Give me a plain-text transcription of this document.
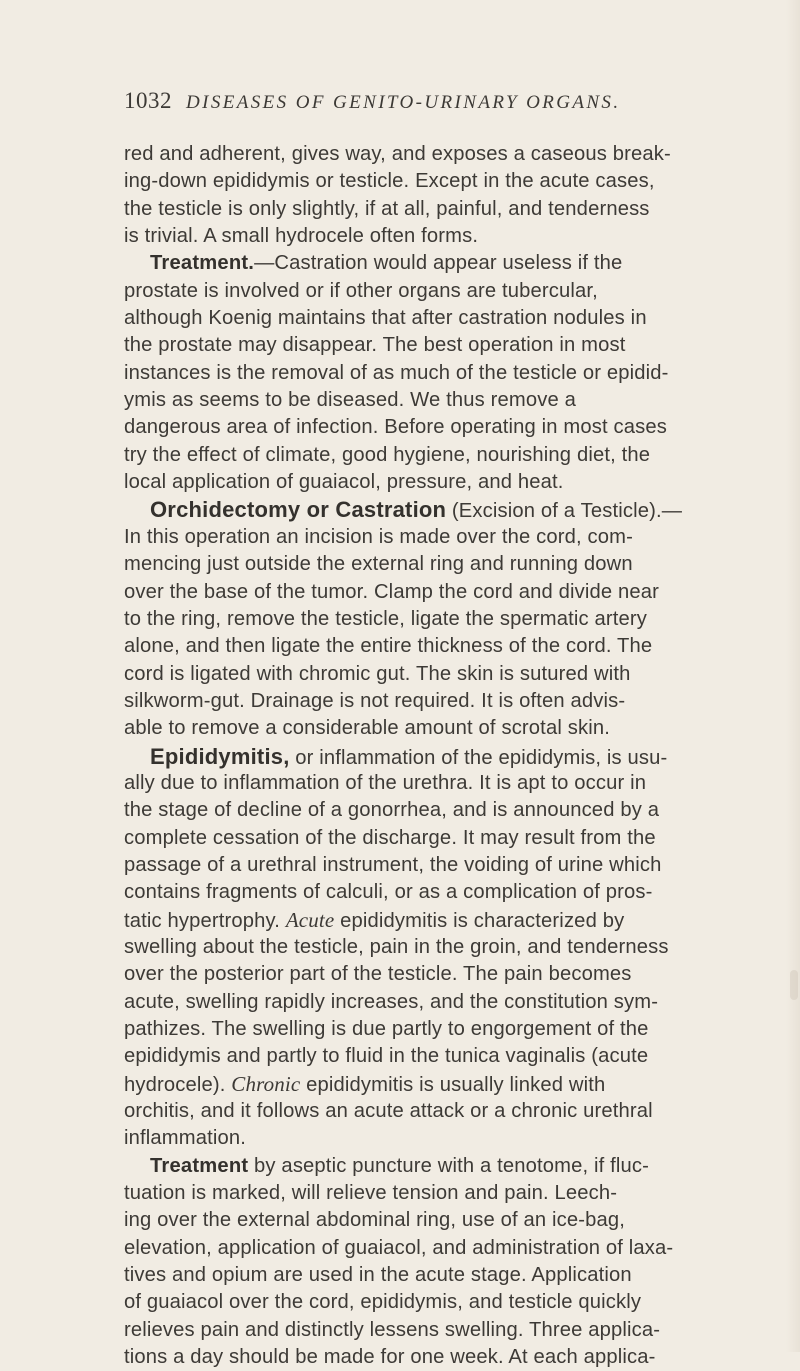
1032 DISEASES OF GENITO-URINARY ORGANS.
red and adherent, gives way, and exposes a caseous break-
ing-down epididymis or testicle. Except in the acute cases,
the testicle is only slightly, if at all, painful, and tenderness
is trivial. A small hydrocele often forms.
Treatment.—Castration would appear useless if the
prostate is involved or if other organs are tubercular,
although Koenig maintains that after castration nodules in
the prostate may disappear. The best operation in most
instances is the removal of as much of the testicle or epidid-
ymis as seems to be diseased. We thus remove a
dangerous area of infection. Before operating in most cases
try the effect of climate, good hygiene, nourishing diet, the
local application of guaiacol, pressure, and heat.
Orchidectomy or Castration (Excision of a Testicle).—
In this operation an incision is made over the cord, com-
mencing just outside the external ring and running down
over the base of the tumor. Clamp the cord and divide near
to the ring, remove the testicle, ligate the spermatic artery
alone, and then ligate the entire thickness of the cord. The
cord is ligated with chromic gut. The skin is sutured with
silkworm-gut. Drainage is not required. It is often advis-
able to remove a considerable amount of scrotal skin.
Epididymitis, or inflammation of the epididymis, is usu-
ally due to inflammation of the urethra. It is apt to occur in
the stage of decline of a gonorrhea, and is announced by a
complete cessation of the discharge. It may result from the
passage of a urethral instrument, the voiding of urine which
contains fragments of calculi, or as a complication of pros-
tatic hypertrophy. Acute epididymitis is characterized by
swelling about the testicle, pain in the groin, and tenderness
over the posterior part of the testicle. The pain becomes
acute, swelling rapidly increases, and the constitution sym-
pathizes. The swelling is due partly to engorgement of the
epididymis and partly to fluid in the tunica vaginalis (acute
hydrocele). Chronic epididymitis is usually linked with
orchitis, and it follows an acute attack or a chronic urethral
inflammation.
Treatment by aseptic puncture with a tenotome, if fluc-
tuation is marked, will relieve tension and pain. Leech-
ing over the external abdominal ring, use of an ice-bag,
elevation, application of guaiacol, and administration of laxa-
tives and opium are used in the acute stage. Application
of guaiacol over the cord, epididymis, and testicle quickly
relieves pain and distinctly lessens swelling. Three applica-
tions a day should be made for one week. At each applica-
